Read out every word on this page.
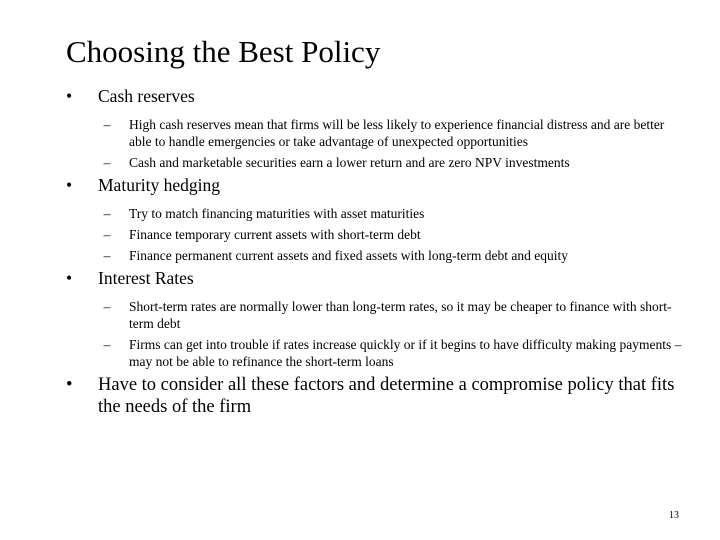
Choosing the Best Policy
•	Cash reserves
–	High cash reserves mean that firms will be less likely to experience financial distress and are better able to handle emergencies or take advantage of unexpected opportunities
–	Cash and marketable securities earn a lower return and are zero NPV investments
•	Maturity hedging
–	Try to match financing maturities with asset maturities
–	Finance temporary current assets with short-term debt
–	Finance permanent current assets and fixed assets with long-term debt and equity
•	Interest Rates
–	Short-term rates are normally lower than long-term rates, so it may be cheaper to finance with short-term debt
–	Firms can get into trouble if rates increase quickly or if it begins to have difficulty making payments – may not be able to refinance the short-term loans
•	Have to consider all these factors and determine a compromise policy that fits the needs of the firm
13
